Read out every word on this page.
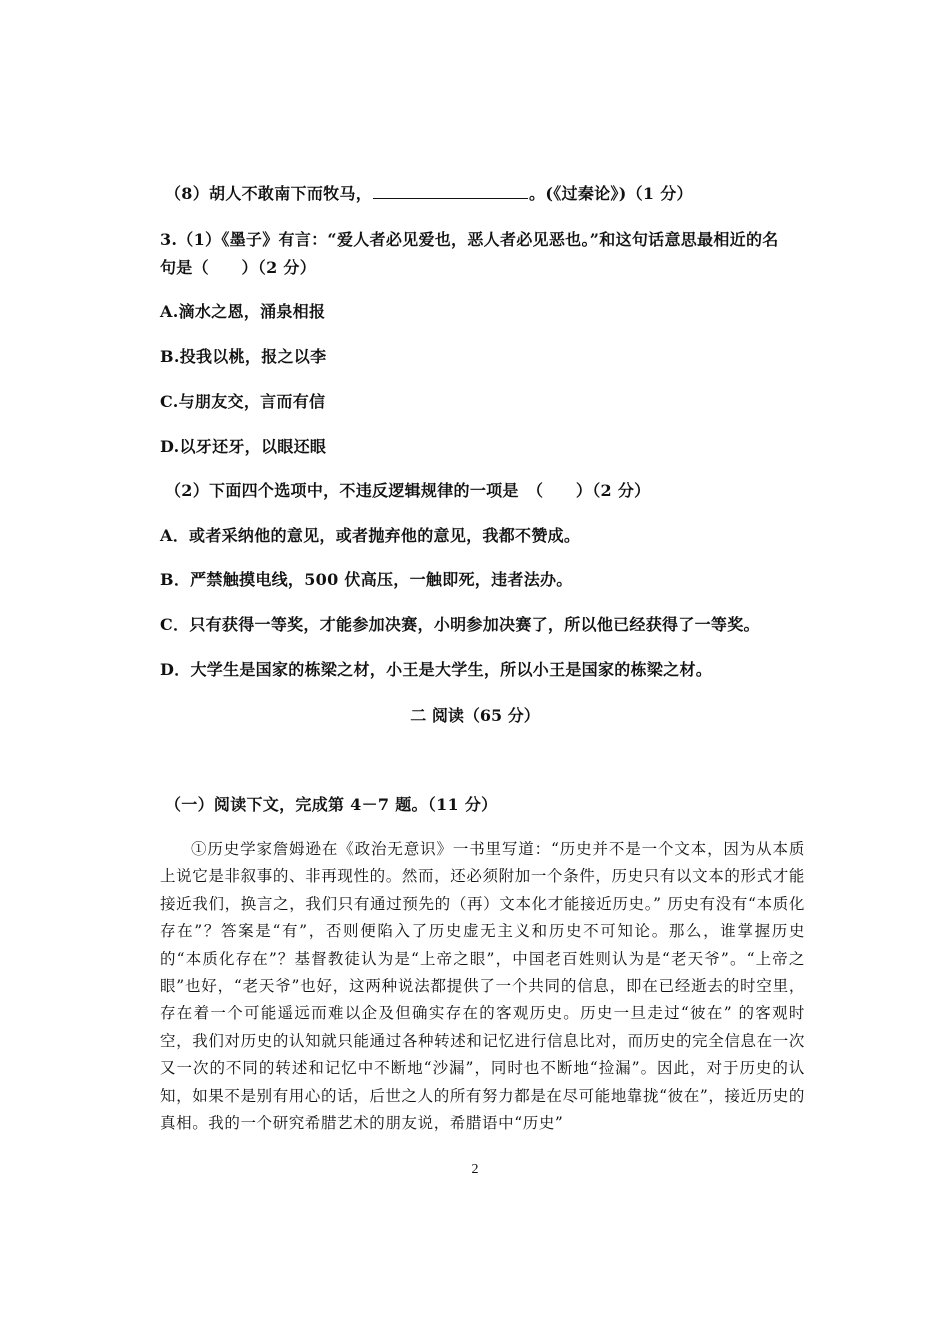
（8）胡人不敢南下而牧马，	。(《过秦论》)（1 分）
3.（1）《墨子》有言：“爱人者必见爱也，恶人者必见恶也。”和这句话意思最相近的名
句是（　　）（2 分）
A.滴水之恩，涌泉相报
B.投我以桃，报之以李
C.与朋友交，言而有信
D.以牙还牙，以眼还眼
（2）下面四个选项中，不违反逻辑规律的一项是　（　　）（2 分）
A．或者采纳他的意见，或者抛弃他的意见，我都不赞成。
B．严禁触摸电线，500 伏高压，一触即死，违者法办。
C．只有获得一等奖，才能参加决赛，小明参加决赛了，所以他已经获得了一等奖。
D．大学生是国家的栋梁之材，小王是大学生，所以小王是国家的栋梁之材。
二 阅读（65 分）
（一）阅读下文，完成第 4－7 题。（11 分）
①历史学家詹姆逊在《政治无意识》一书里写道：“历史并不是一个文本，因为从本质上说它是非叙事的、非再现性的。然而，还必须附加一个条件，历史只有以文本的形式才能接近我们，换言之，我们只有通过预先的（再）文本化才能接近历史。” 历史有没有“本质化存在”？答案是“有”，否则便陷入了历史虚无主义和历史不可知论。那么，谁掌握历史的“本质化存在”？基督教徒认为是“上帝之眼”，中国老百姓则认为是“老天爷”。“上帝之眼”也好，“老天爷”也好，这两种说法都提供了一个共同的信息，即在已经逝去的时空里，存在着一个可能遥远而难以企及但确实存在的客观历史。历史一旦走过“彼在” 的客观时空，我们对历史的认知就只能通过各种转述和记忆进行信息比对，而历史的完全信息在一次又一次的不同的转述和记忆中不断地“沙漏”，同时也不断地“捡漏”。因此，对于历史的认知，如果不是别有用心的话，后世之人的所有努力都是在尽可能地靠拢“彼在”，接近历史的真相。我的一个研究希腊艺术的朋友说，希腊语中“历史”
2
